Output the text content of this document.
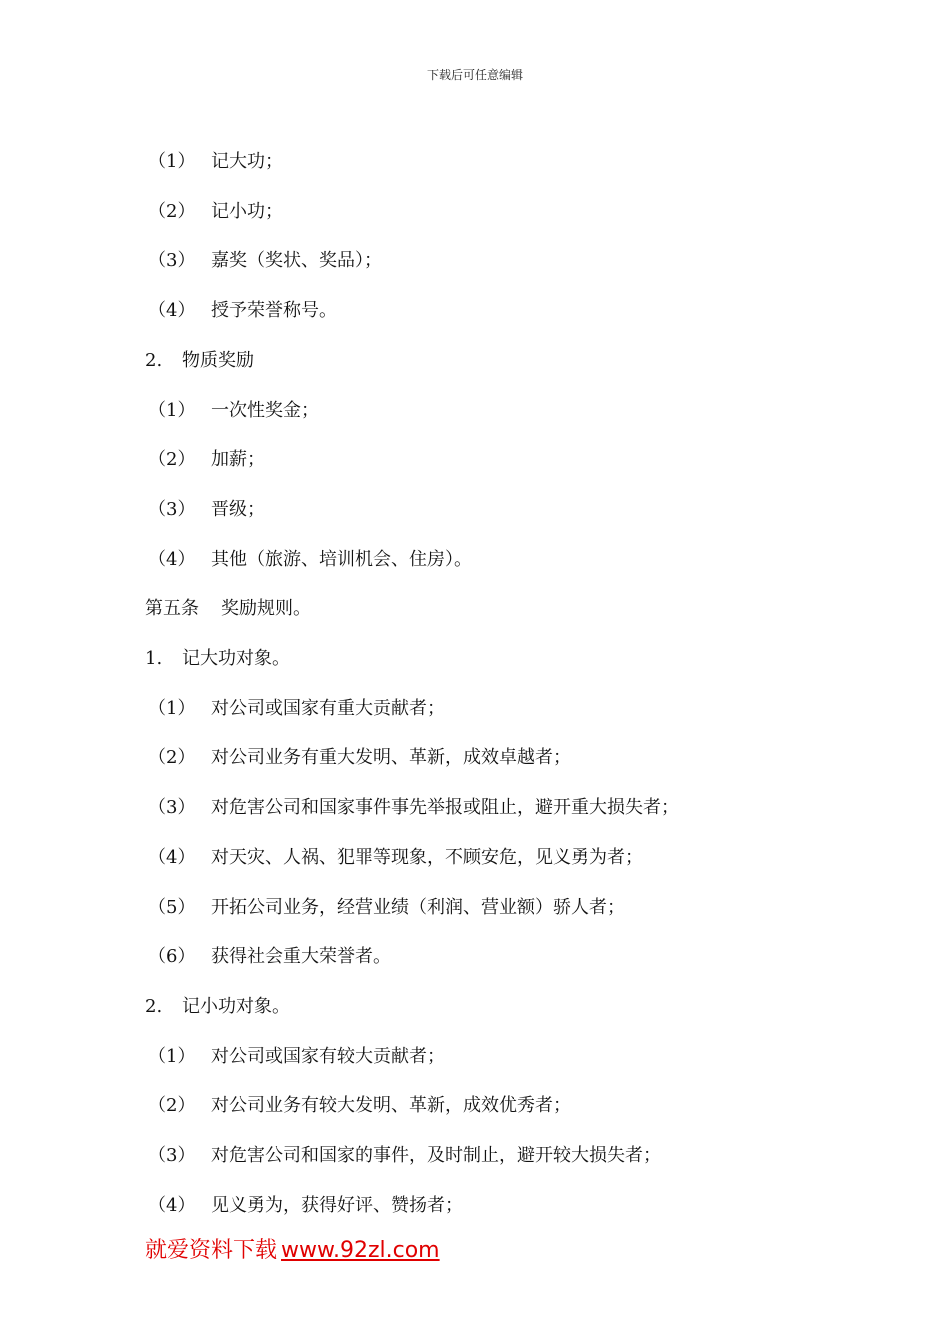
下载后可任意编辑
（1） 记大功；
（2） 记小功；
（3） 嘉奖（奖状、奖品）；
（4） 授予荣誉称号。
2. 物质奖励
（1） 一次性奖金；
（2） 加薪；
（3） 晋级；
（4） 其他（旅游、培训机会、住房）。
第五条 奖励规则。
1. 记大功对象。
（1） 对公司或国家有重大贡献者；
（2） 对公司业务有重大发明、革新，成效卓越者；
（3） 对危害公司和国家事件事先举报或阻止，避开重大损失者；
（4） 对天灾、人祸、犯罪等现象，不顾安危，见义勇为者；
（5） 开拓公司业务，经营业绩（利润、营业额）骄人者；
（6） 获得社会重大荣誉者。
2. 记小功对象。
（1） 对公司或国家有较大贡献者；
（2） 对公司业务有较大发明、革新，成效优秀者；
（3） 对危害公司和国家的事件，及时制止，避开较大损失者；
（4） 见义勇为，获得好评、赞扬者；
就爱资料下载 www.92zl.com
